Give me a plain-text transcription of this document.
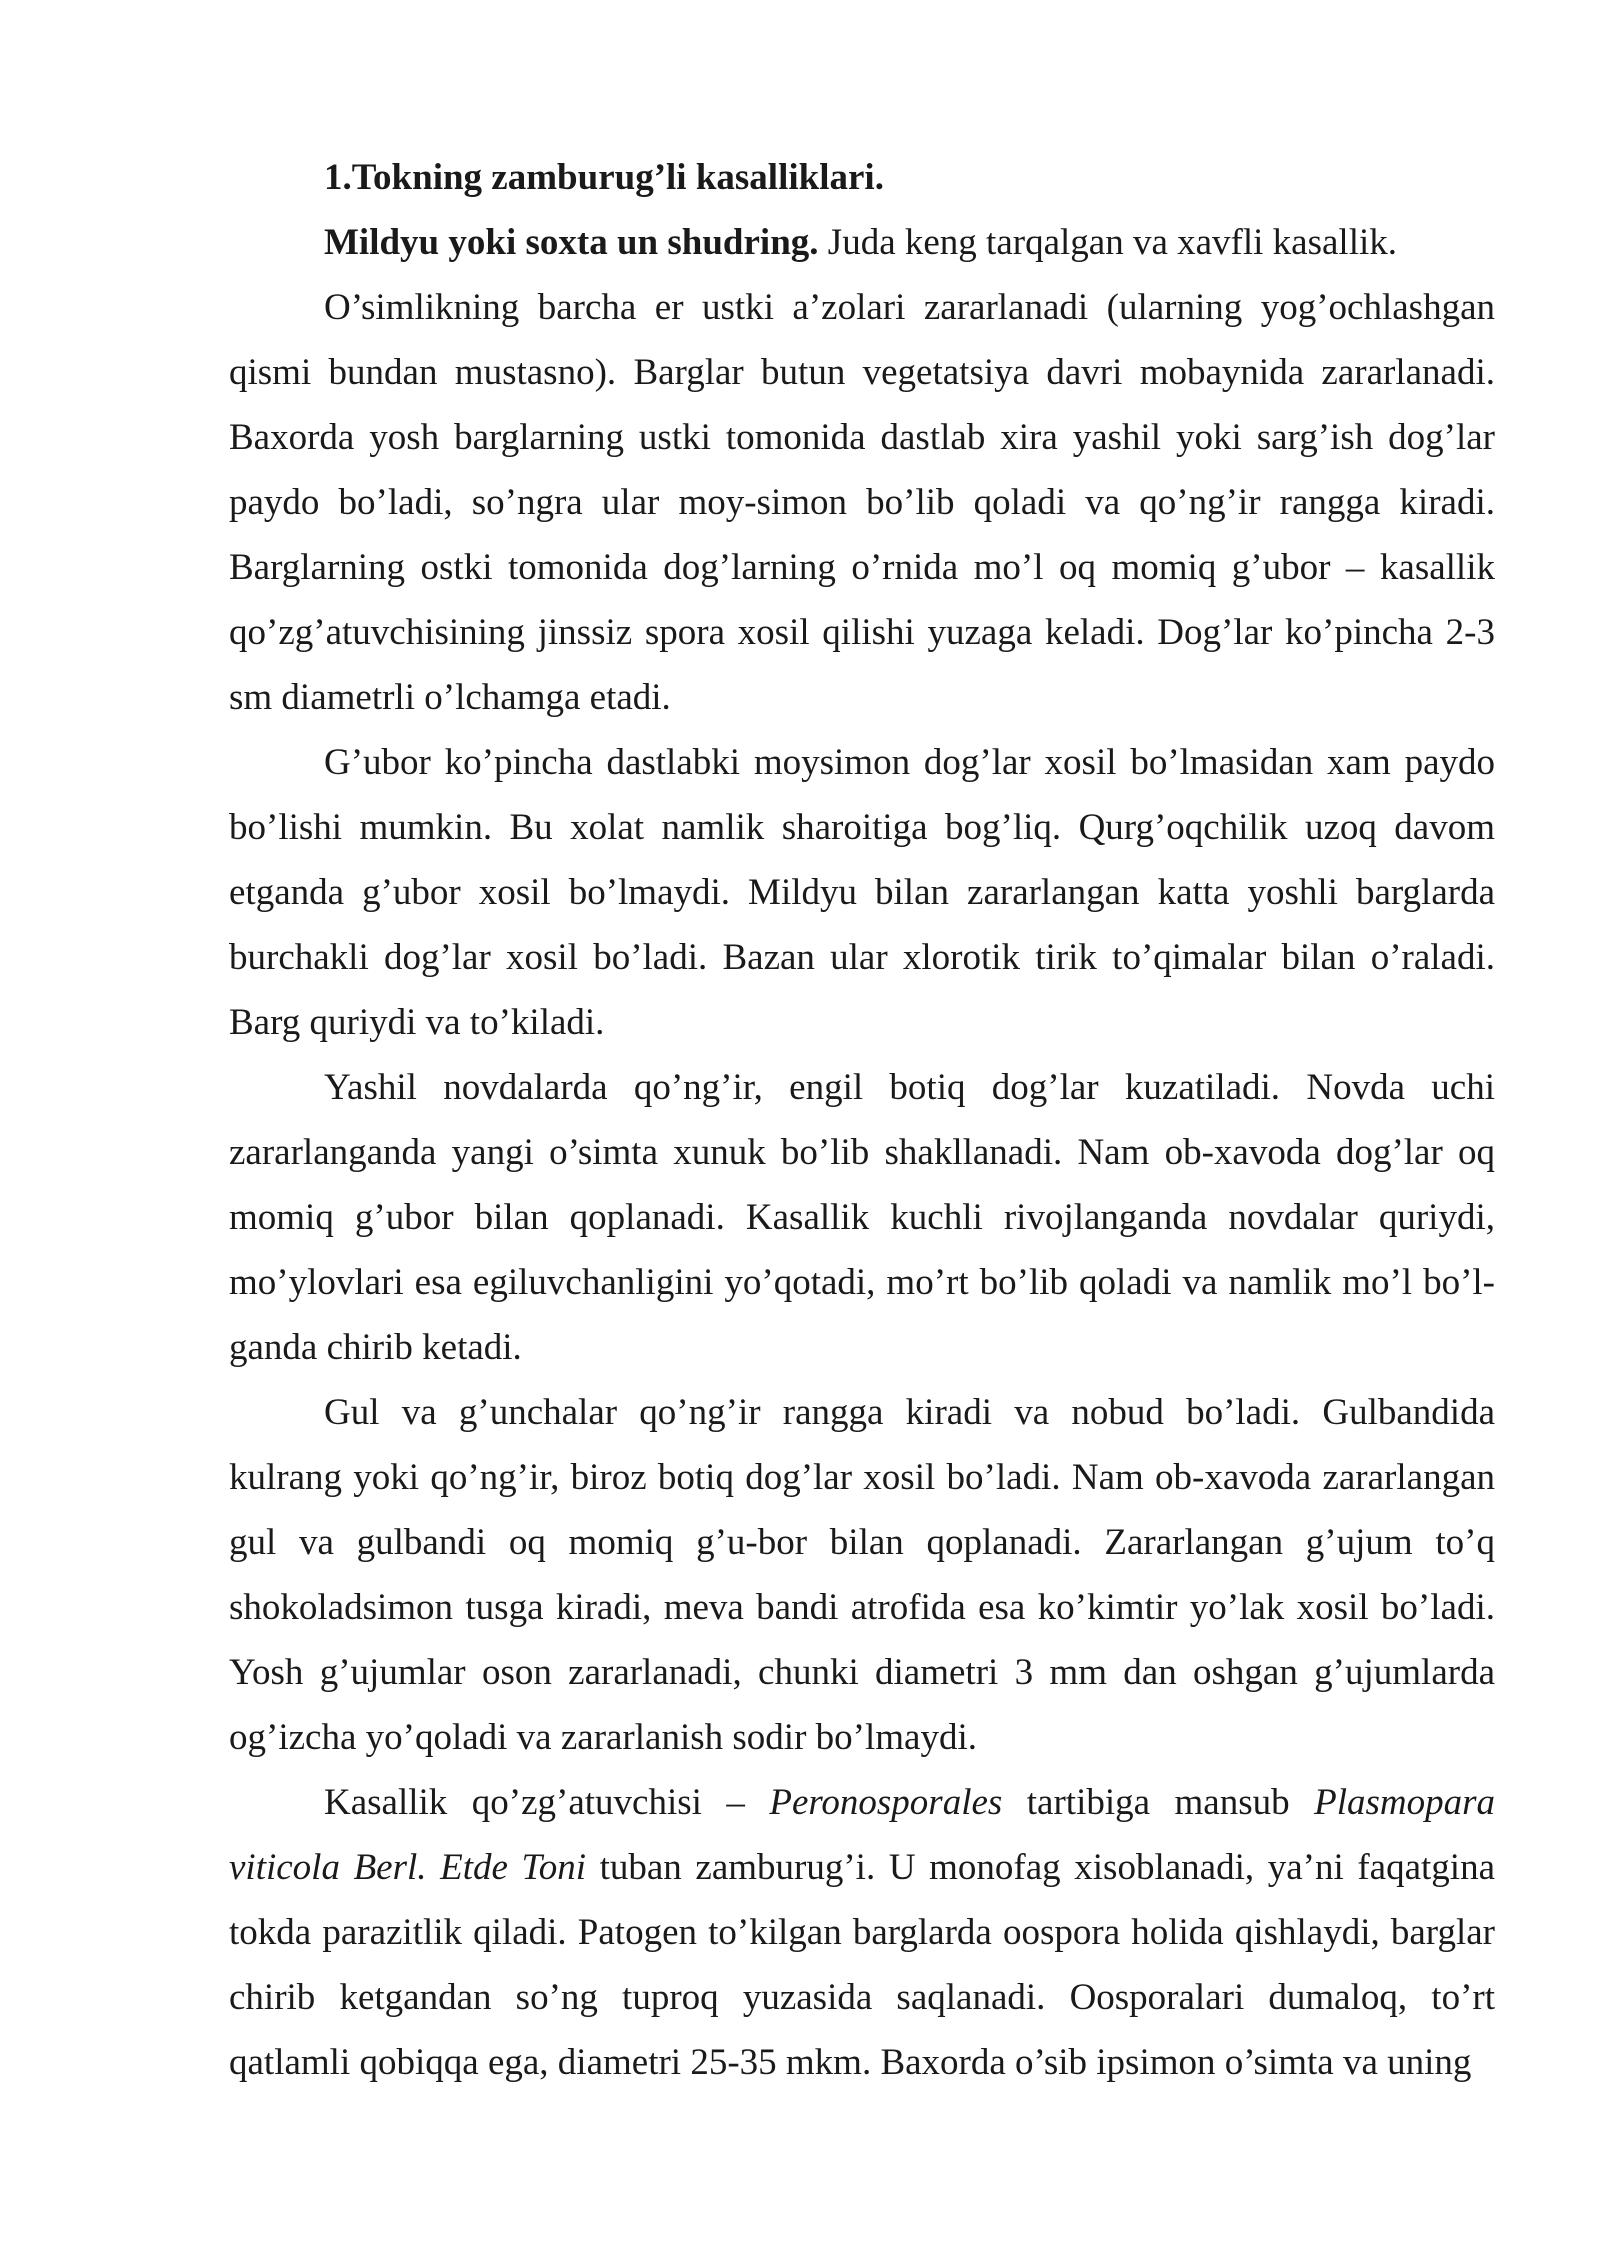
1.Tokning zamburug’li kasalliklari.

Mildyu yoki soxta un shudring. Juda keng tarqalgan va xavfli kasallik.

O’simlikning barcha er ustki a’zolari zararlanadi (ularning yog’ochlashgan qismi bundan mustasno). Barglar butun vegetatsiya davri mobaynida zararlanadi. Baxorda yosh barglarning ustki tomonida dastlab xira yashil yoki sarg’ish dog’lar paydo bo’ladi, so’ngra ular moy-simon bo’lib qoladi va qo’ng’ir rangga kiradi. Barglarning ostki tomonida dog’larning o’rnida mo’l oq momiq g’ubor – kasallik qo’zg’atuvchisining jinssiz spora xosil qilishi yuzaga keladi. Dog’lar ko’pincha 2-3 sm diametrli o’lchamga etadi.

G’ubor ko’pincha dastlabki moysimon dog’lar xosil bo’lmasidan xam paydo bo’lishi mumkin. Bu xolat namlik sharoitiga bog’liq. Qurg’oqchilik uzoq davom etganda g’ubor xosil bo’lmaydi. Mildyu bilan zararlangan katta yoshli barglarda burchakli dog’lar xosil bo’ladi. Bazan ular xlorotik tirik to’qimalar bilan o’raladi. Barg quriydi va to’kiladi.

Yashil novdalarda qo’ng’ir, engil botiq dog’lar kuzatiladi. Novda uchi zararlanganda yangi o’simta xunuk bo’lib shakllanadi. Nam ob-xavoda dog’lar oq momiq g’ubor bilan qoplanadi. Kasallik kuchli rivojlanganda novdalar quriydi, mo’ylovlari esa egiluvchanligini yo’qotadi, mo’rt bo’lib qoladi va namlik mo’l bo’l-ganda chirib ketadi.

Gul va g’unchalar qo’ng’ir rangga kiradi va nobud bo’ladi. Gulbandida kulrang yoki qo’ng’ir, biroz botiq dog’lar xosil bo’ladi. Nam ob-xavoda zararlangan gul va gulbandi oq momiq g’u-bor bilan qoplanadi. Zararlangan g’ujum to’q shokoladsimon tusga kiradi, meva bandi atrofida esa ko’kimtir yo’lak xosil bo’ladi. Yosh g’ujumlar oson zararlanadi, chunki diametri 3 mm dan oshgan g’ujumlarda og’izcha yo’qoladi va zararlanish sodir bo’lmaydi.

Kasallik qo’zg’atuvchisi – Peronosporales tartibiga mansub Plasmopara viticola Berl. Etde Toni tuban zamburug’i. U monofag xisoblanadi, ya’ni faqatgina tokda parazitlik qiladi. Patogen to’kilgan barglarda oospora holida qishlaydi, barglar chirib ketgandan so’ng tuproq yuzasida saqlanadi. Oosporalari dumaloq, to’rt qatlamli qobiqqa ega, diametri 25-35 mkm. Baxorda o’sib ipsimon o’simta va uning
